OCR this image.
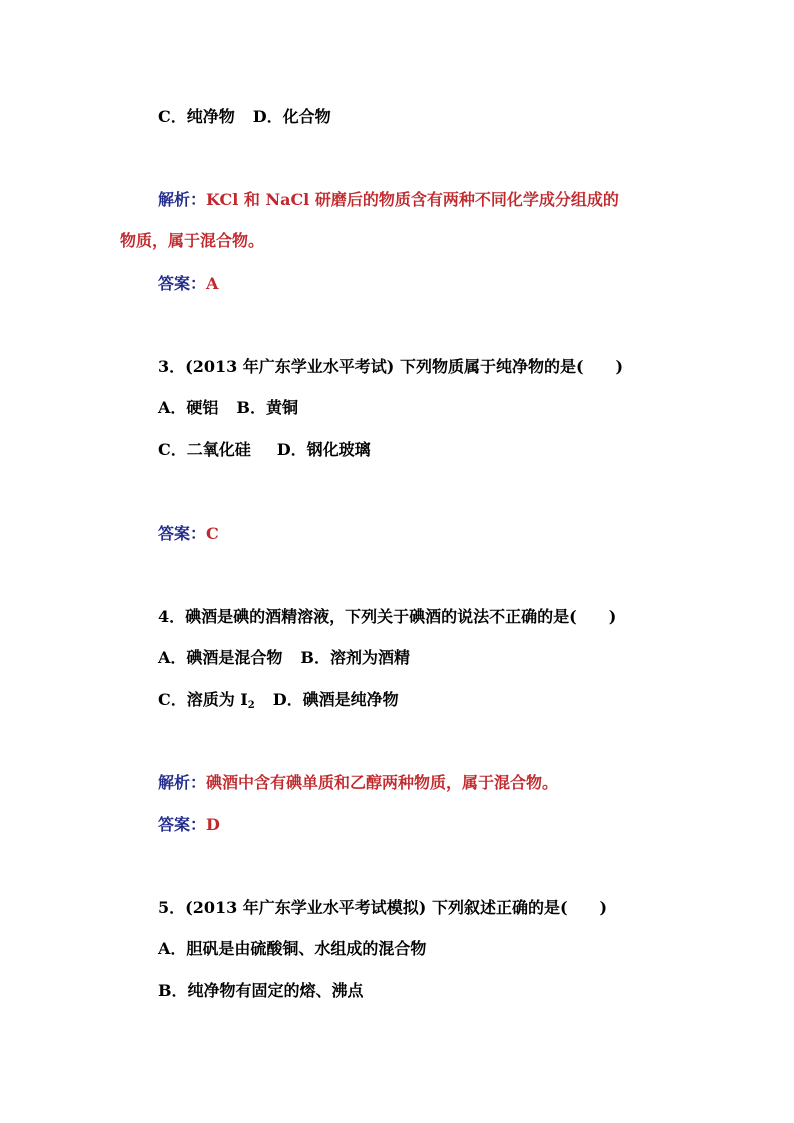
C．纯净物 D．化合物
解析：KCl 和 NaCl 研磨后的物质含有两种不同化学成分组成的
物质，属于混合物。
答案：A
3．(2013 年广东学业水平考试) 下列物质属于纯净物的是(　　)
A．硬铝 B．黄铜
C．二氧化硅 D．钢化玻璃
答案：C
4．碘酒是碘的酒精溶液，下列关于碘酒的说法不正确的是(　　)
A．碘酒是混合物 B．溶剂为酒精
C．溶质为 $I_2$ D．碘酒是纯净物
解析：碘酒中含有碘单质和乙醇两种物质，属于混合物。
答案：D
5．(2013 年广东学业水平考试模拟) 下列叙述正确的是(　　)
A．胆矾是由硫酸铜、水组成的混合物
B．纯净物有固定的熔、沸点
